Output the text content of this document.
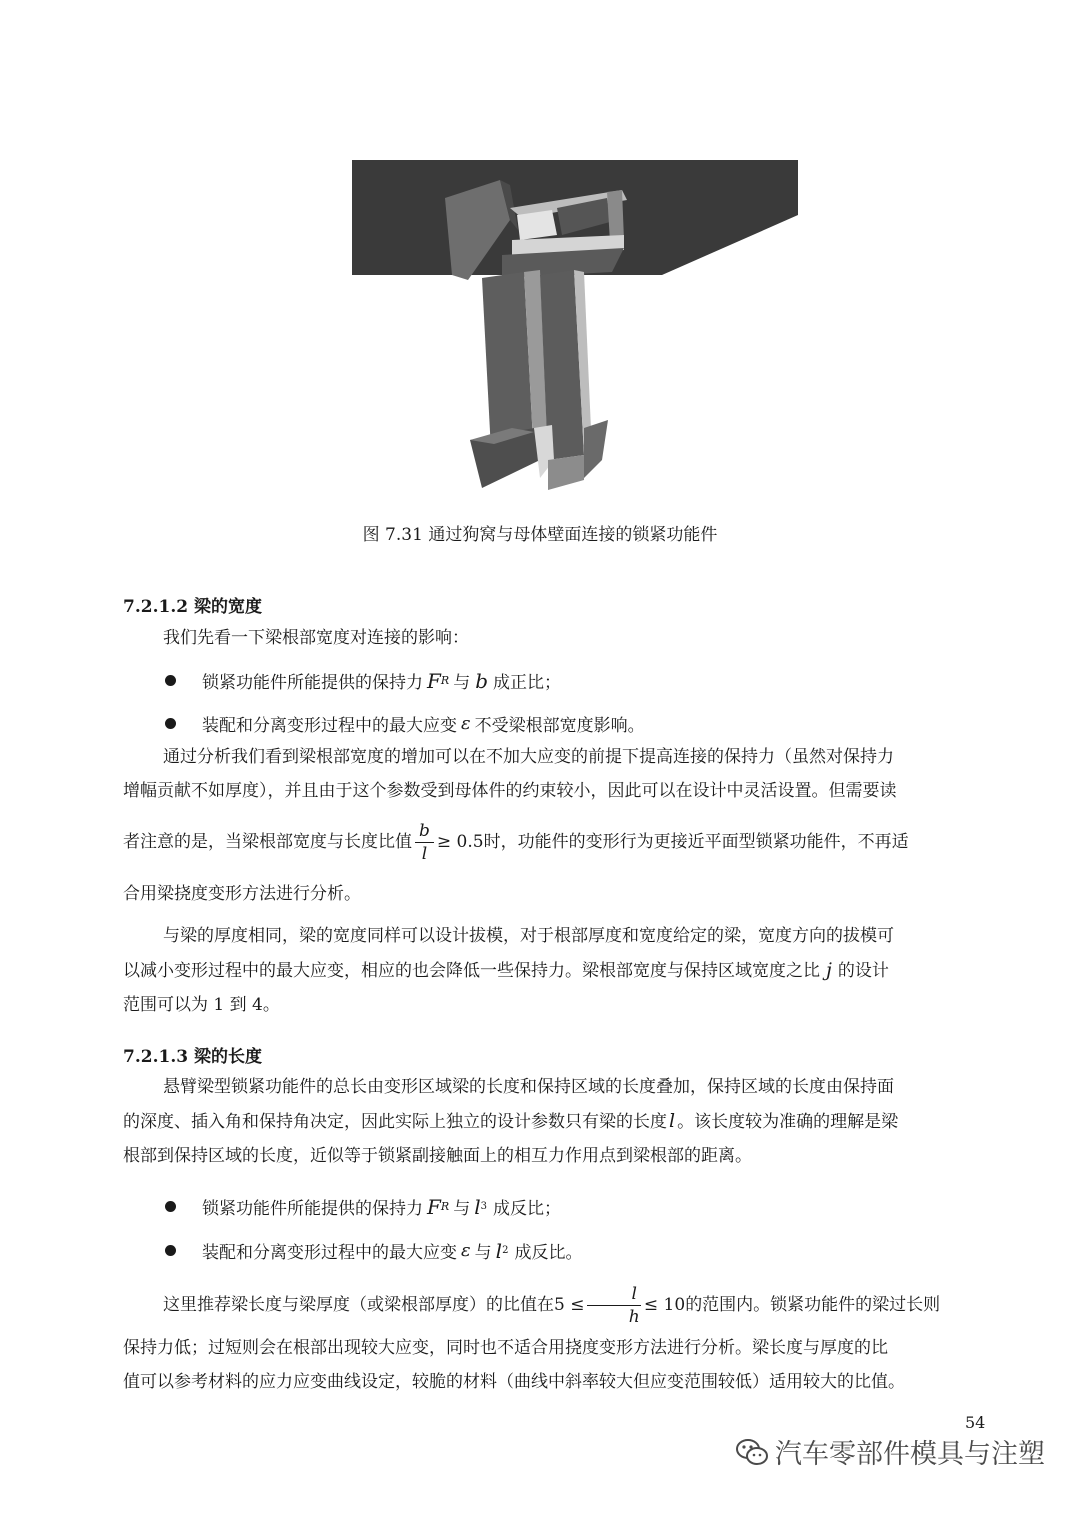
图 7.31 通过狗窝与母体壁面连接的锁紧功能件
7.2.1.2 梁的宽度
我们先看一下梁根部宽度对连接的影响：
锁紧功能件所能提供的保持力 F R 与 b 成正比；
装配和分离变形过程中的最大应变 ε 不受梁根部宽度影响。
通过分析我们看到梁根部宽度的增加可以在不加大应变的前提下提高连接的保持力（虽然对保持力
增幅贡献不如厚度），并且由于这个参数受到母体件的约束较小，因此可以在设计中灵活设置。但需要读
者注意的是，当梁根部宽度与长度比值 $\frac{b}{l} \ge 0.5$时，功能件的变形行为更接近平面型锁紧功能件，不再适
合用梁挠度变形方法进行分析。
与梁的厚度相同，梁的宽度同样可以设计拔模，对于根部厚度和宽度给定的梁，宽度方向的拔模可
以减小变形过程中的最大应变，相应的也会降低一些保持力。梁根部宽度与保持区域宽度之比 j 的设计
范围可以为 1 到 4。
7.2.1.3 梁的长度
悬臂梁型锁紧功能件的总长由变形区域梁的长度和保持区域的长度叠加，保持区域的长度由保持面
的深度、插入角和保持角决定，因此实际上独立的设计参数只有梁的长度 l 。该长度较为准确的理解是梁
根部到保持区域的长度，近似等于锁紧副接触面上的相互力作用点到梁根部的距离。
锁紧功能件所能提供的保持力 F R 与 l 3 成反比；
装配和分离变形过程中的最大应变 ε 与 l 2 成反比。
这里推荐梁长度与梁厚度（或梁根部厚度）的比值在$5 \le \frac{l}{h} \le 10$的范围内。锁紧功能件的梁过长则
保持力低；过短则会在根部出现较大应变，同时也不适合用挠度变形方法进行分析。梁长度与厚度的比
值可以参考材料的应力应变曲线设定，较脆的材料（曲线中斜率较大但应变范围较低）适用较大的比值。
54
汽车零部件模具与注塑
